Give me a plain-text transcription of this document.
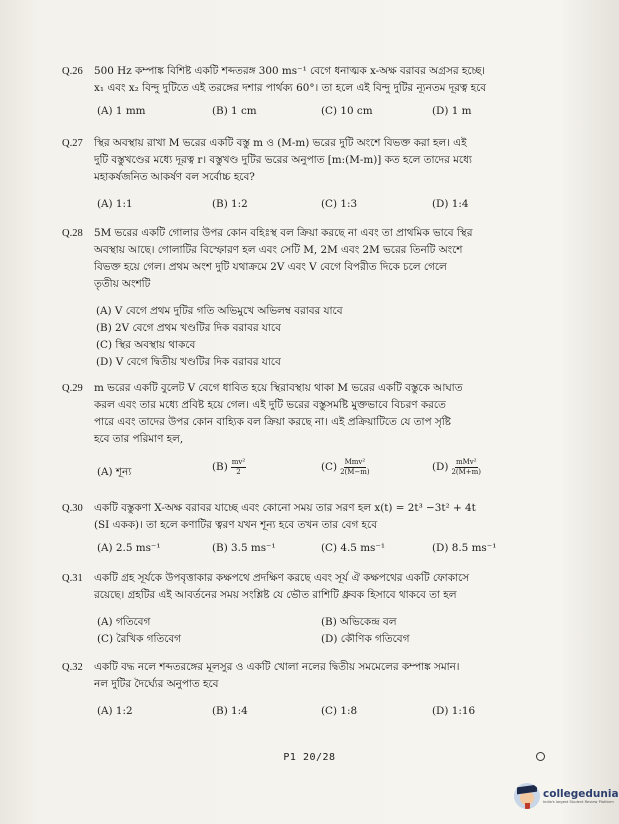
Q.26 500 Hz কম্পাঙ্ক বিশিষ্ট একটি শব্দতরঙ্গ 300 ms⁻¹ বেগে ধনাত্মক x-অক্ষ বরাবর অগ্রসর হচ্ছে।
x₁ এবং x₂ বিন্দু দুটিতে এই তরঙ্গের দশার পার্থক্য 60°। তা হলে এই বিন্দু দুটির ন্যূনতম দূরত্ব হবে
(A) 1 mm	(B) 1 cm	(C) 10 cm	(D) 1 m
Q.27 স্থির অবস্থায় রাখা M ভরের একটি বস্তু m ও (M-m) ভরের দুটি অংশে বিভক্ত করা হল। এই
দুটি বস্তুখণ্ডের মধ্যে দূরত্ব r। বস্তুখণ্ড দুটির ভরের অনুপাত [m:(M-m)] কত হলে তাদের মধ্যে
মহাকর্ষজনিত আকর্ষণ বল সর্বোচ্চ হবে?
(A) 1:1	(B) 1:2	(C) 1:3	(D) 1:4
Q.28 5M ভরের একটি গোলার উপর কোন বহিঃস্থ বল ক্রিয়া করছে না এবং তা প্রাথমিক ভাবে স্থির
অবস্থায় আছে। গোলাটির বিস্ফোরণ হল এবং সেটি M, 2M এবং 2M ভরের তিনটি অংশে
বিভক্ত হয়ে গেল। প্রথম অংশ দুটি যথাক্রমে 2V এবং V বেগে বিপরীত দিকে চলে গেলে
তৃতীয় অংশটি
(A) V বেগে প্রথম দুটির গতি অভিমুখে অভিলম্ব বরাবর যাবে
(B) 2V বেগে প্রথম খণ্ডটির দিক বরাবর যাবে
(C) স্থির অবস্থায় থাকবে
(D) V বেগে দ্বিতীয় খণ্ডটির দিক বরাবর যাবে
Q.29 m ভরের একটি বুলেট V বেগে ধাবিত হয়ে স্থিরাবস্থায় থাকা M ভরের একটি বস্তুকে আঘাত
করল এবং তার মধ্যে প্রবিষ্ট হয়ে গেল। এই দুটি ভরের বস্তুসমষ্টি মুক্তভাবে বিচরণ করতে
পারে এবং তাদের উপর কোন বাহ্যিক বল ক্রিয়া করছে না। এই প্রক্রিয়াটিতে যে তাপ সৃষ্টি
হবে তার পরিমাণ হল,
(A) শূন্য	$(B) \frac{\text{mv²}}{2}$	$(C) \frac{\text{Mmv²}}{2(M-m)}$	$(D) \frac{\text{mMv²}}{2(M+m)}$
Q.30 একটি বস্তুকণা X-অক্ষ বরাবর যাচ্ছে এবং কোনো সময় তার সরণ হল x(t) = 2t³ −3t² + 4t
(SI একক)। তা হলে কণাটির ত্বরণ যখন শূন্য হবে তখন তার বেগ হবে
(A) 2.5 ms⁻¹	(B) 3.5 ms⁻¹	(C) 4.5 ms⁻¹	(D) 8.5 ms⁻¹
Q.31 একটি গ্রহ সূর্যকে উপবৃত্তাকার কক্ষপথে প্রদক্ষিণ করছে এবং সূর্য ঐ কক্ষপথের একটি ফোকাসে
রয়েছে। গ্রহটির এই আবর্তনের সময় সংশ্লিষ্ট যে ভৌত রাশিটি ধ্রুবক হিসাবে থাকবে তা হল
(A) গতিবেগ	(B) অভিকেন্দ্র বল
(C) রৈখিক গতিবেগ	(D) কৌণিক গতিবেগ
Q.32 একটি বদ্ধ নলে শব্দতরঙ্গের মূলসুর ও একটি খোলা নলের দ্বিতীয় সমমেলের কম্পাঙ্ক সমান।
নল দুটির দৈর্ঘ্যের অনুপাত হবে
(A) 1:2	(B) 1:4	(C) 1:8	(D) 1:16
P1 20/28
collegedunia
India's largest Student Review Platform
